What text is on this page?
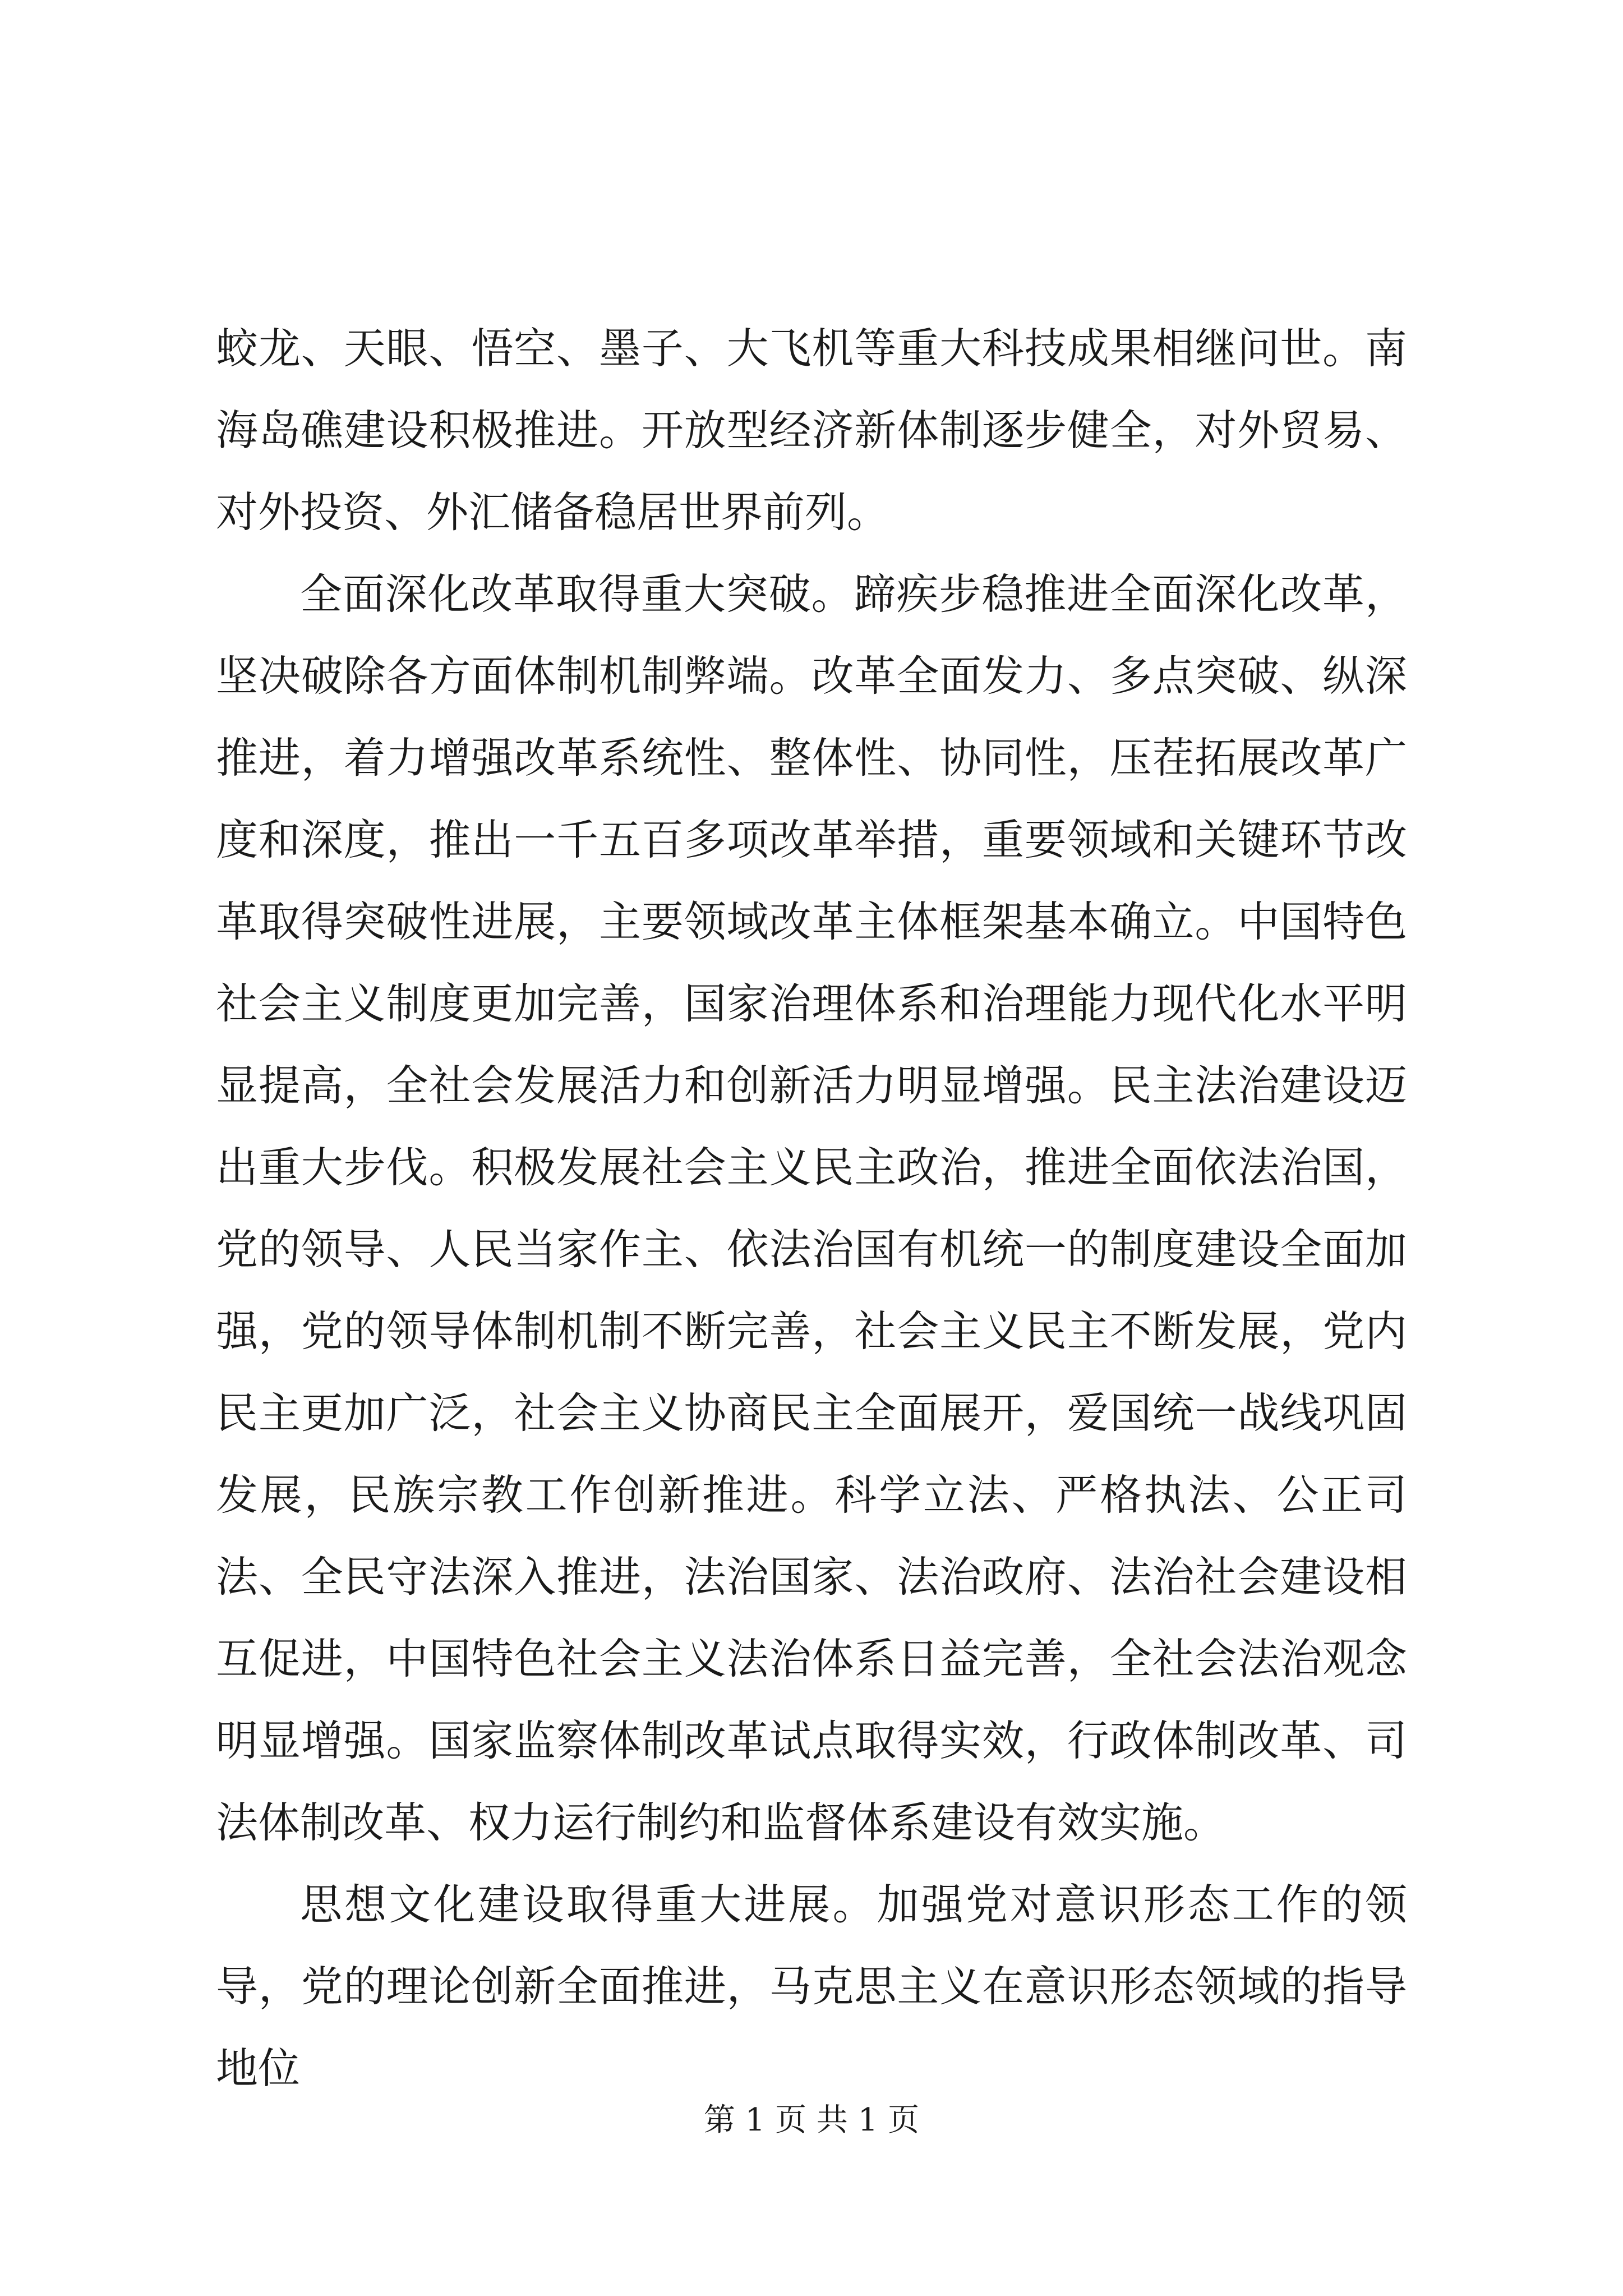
蛟龙、天眼、悟空、墨子、大飞机等重大科技成果相继问世。南海岛礁建设积极推进。开放型经济新体制逐步健全，对外贸易、对外投资、外汇储备稳居世界前列。

全面深化改革取得重大突破。蹄疾步稳推进全面深化改革，坚决破除各方面体制机制弊端。改革全面发力、多点突破、纵深推进，着力增强改革系统性、整体性、协同性，压茬拓展改革广度和深度，推出一千五百多项改革举措，重要领域和关键环节改革取得突破性进展，主要领域改革主体框架基本确立。中国特色社会主义制度更加完善，国家治理体系和治理能力现代化水平明显提高，全社会发展活力和创新活力明显增强。民主法治建设迈出重大步伐。积极发展社会主义民主政治，推进全面依法治国，党的领导、人民当家作主、依法治国有机统一的制度建设全面加强，党的领导体制机制不断完善，社会主义民主不断发展，党内民主更加广泛，社会主义协商民主全面展开，爱国统一战线巩固发展，民族宗教工作创新推进。科学立法、严格执法、公正司法、全民守法深入推进，法治国家、法治政府、法治社会建设相互促进，中国特色社会主义法治体系日益完善，全社会法治观念明显增强。国家监察体制改革试点取得实效，行政体制改革、司法体制改革、权力运行制约和监督体系建设有效实施。

思想文化建设取得重大进展。加强党对意识形态工作的领导，党的理论创新全面推进，马克思主义在意识形态领域的指导地位

第 1 页 共 1 页
